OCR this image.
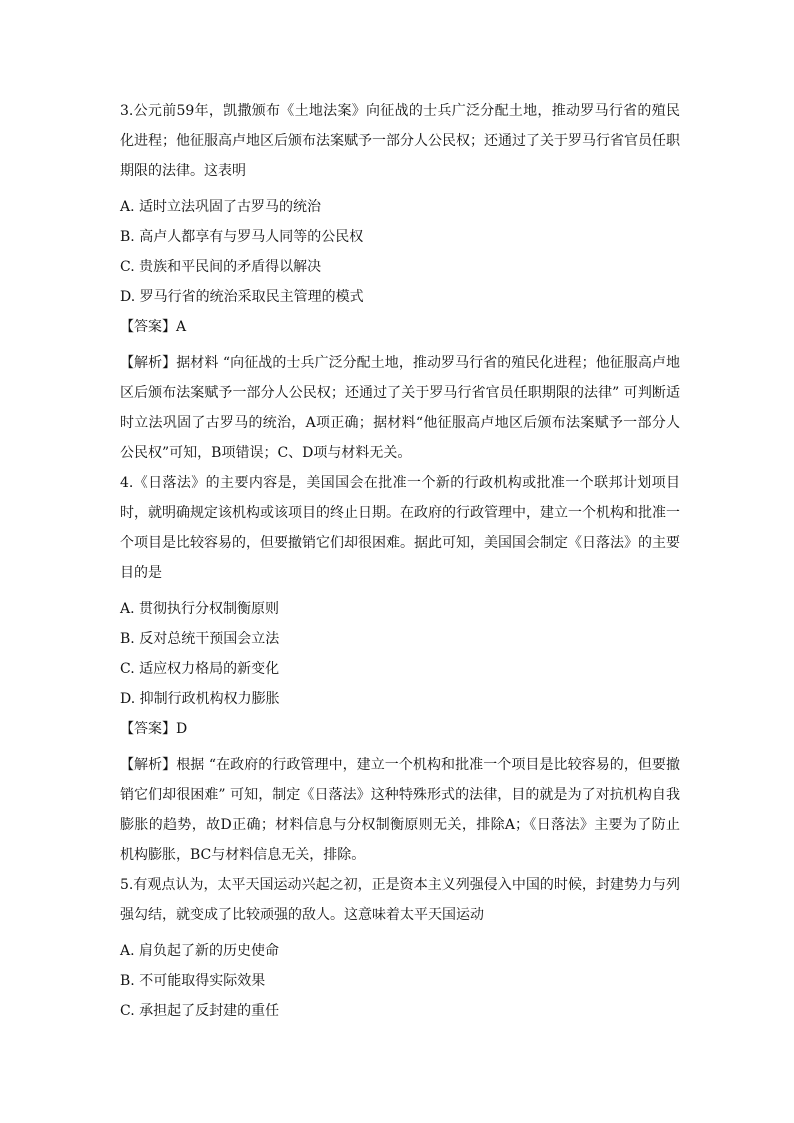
3.公元前59年，凯撒颁布《土地法案》向征战的士兵广泛分配土地，推动罗马行省的殖民化进程；他征服高卢地区后颁布法案赋予一部分人公民权；还通过了关于罗马行省官员任职期限的法律。这表明
A. 适时立法巩固了古罗马的统治
B. 高卢人都享有与罗马人同等的公民权
C. 贵族和平民间的矛盾得以解决
D. 罗马行省的统治采取民主管理的模式
【答案】A
【解析】据材料 “向征战的士兵广泛分配土地，推动罗马行省的殖民化进程；他征服高卢地区后颁布法案赋予一部分人公民权；还通过了关于罗马行省官员任职期限的法律” 可判断适时立法巩固了古罗马的统治，A项正确；据材料“他征服高卢地区后颁布法案赋予一部分人公民权”可知，B项错误；C、D项与材料无关。
4.《日落法》的主要内容是，美国国会在批准一个新的行政机构或批准一个联邦计划项目时，就明确规定该机构或该项目的终止日期。在政府的行政管理中，建立一个机构和批准一个项目是比较容易的，但要撤销它们却很困难。据此可知，美国国会制定《日落法》的主要目的是
A. 贯彻执行分权制衡原则
B. 反对总统干预国会立法
C. 适应权力格局的新变化
D. 抑制行政机构权力膨胀
【答案】D
【解析】根据 “在政府的行政管理中，建立一个机构和批准一个项目是比较容易的，但要撤销它们却很困难” 可知，制定《日落法》这种特殊形式的法律，目的就是为了对抗机构自我膨胀的趋势，故D正确；材料信息与分权制衡原则无关，排除A；《日落法》主要为了防止机构膨胀，BC与材料信息无关，排除。
5.有观点认为，太平天国运动兴起之初，正是资本主义列强侵入中国的时候，封建势力与列强勾结，就变成了比较顽强的敌人。这意味着太平天国运动
A. 肩负起了新的历史使命
B. 不可能取得实际效果
C. 承担起了反封建的重任
